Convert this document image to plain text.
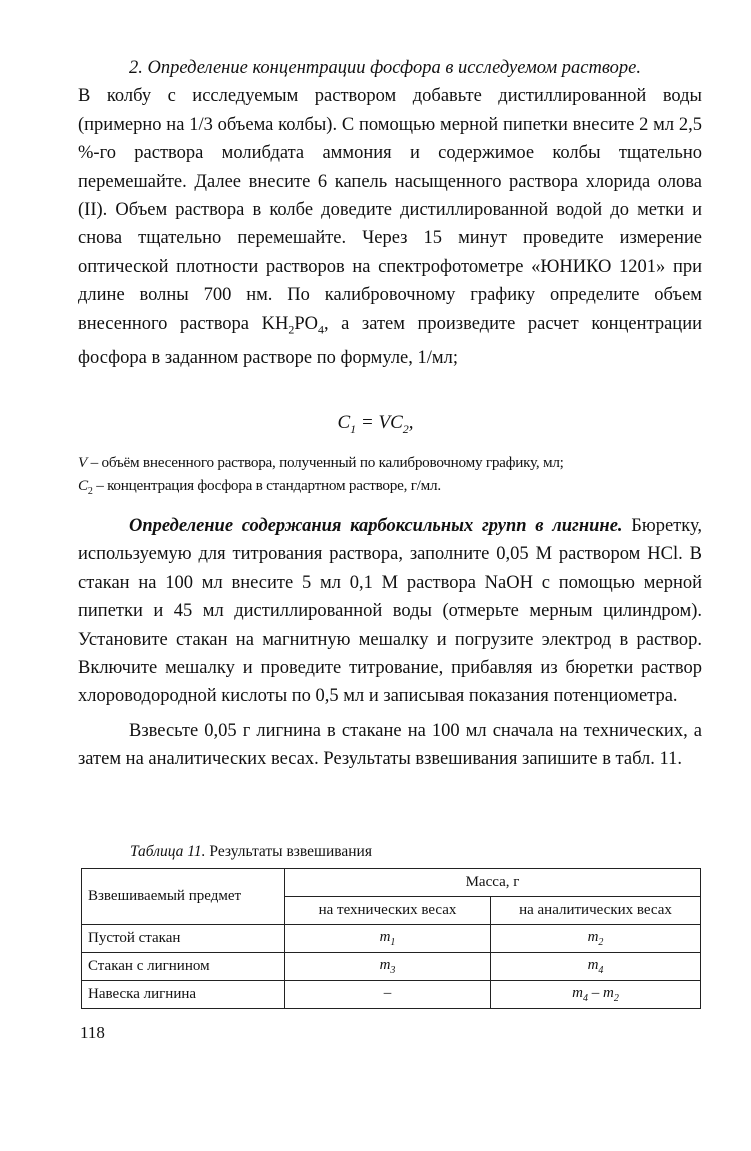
2. Определение концентрации фосфора в исследуемом растворе.

В колбу с исследуемым раствором добавьте дистиллированной воды (примерно на 1/3 объема колбы). С помощью мерной пипетки внесите 2 мл 2,5 %-го раствора молибдата аммония и содержимое колбы тщательно перемешайте. Далее внесите 6 капель насыщенного раствора хлорида олова (II). Объем раствора в колбе доведите дистиллированной водой до метки и снова тщательно перемешайте. Через 15 минут проведите измерение оптической плотности растворов на спектрофотометре «ЮНИКО 1201» при длине волны 700 нм. По калибровочному графику определите объем внесенного раствора $KH_2PO_4$, а затем произведите расчет концентрации фосфора в заданном растворе по формуле, 1/мл;

$C_1 = VC_2$,
V – объём внесенного раствора, полученный по калибровочному графику, мл;
$C_2$ – концентрация фосфора в стандартном растворе, г/мл.

Определение содержания карбоксильных групп в лигнине. Бюретку, используемую для титрования раствора, заполните 0,05 М раствором HCl. В стакан на 100 мл внесите 5 мл 0,1 М раствора NaOH с помощью мерной пипетки и 45 мл дистиллированной воды (отмерьте мерным цилиндром). Установите стакан на магнитную мешалку и погрузите электрод в раствор. Включите мешалку и проведите титрование, прибавляя из бюретки раствор хлороводородной кислоты по 0,5 мл и записывая показания потенциометра.

Взвесьте 0,05 г лигнина в стакане на 100 мл сначала на технических, а затем на аналитических весах. Результаты взвешивания запишите в табл. 11.

Таблица 11. Результаты взвешивания
Взвешиваемый предмет	Масса, г	
	на технических весах	на аналитических весах
Пустой стакан	$m_1$	$m_2$
Стакан с лигнином	$m_3$	$m_4$
Навеска лигнина	–	$m_4 - m_2$
118
